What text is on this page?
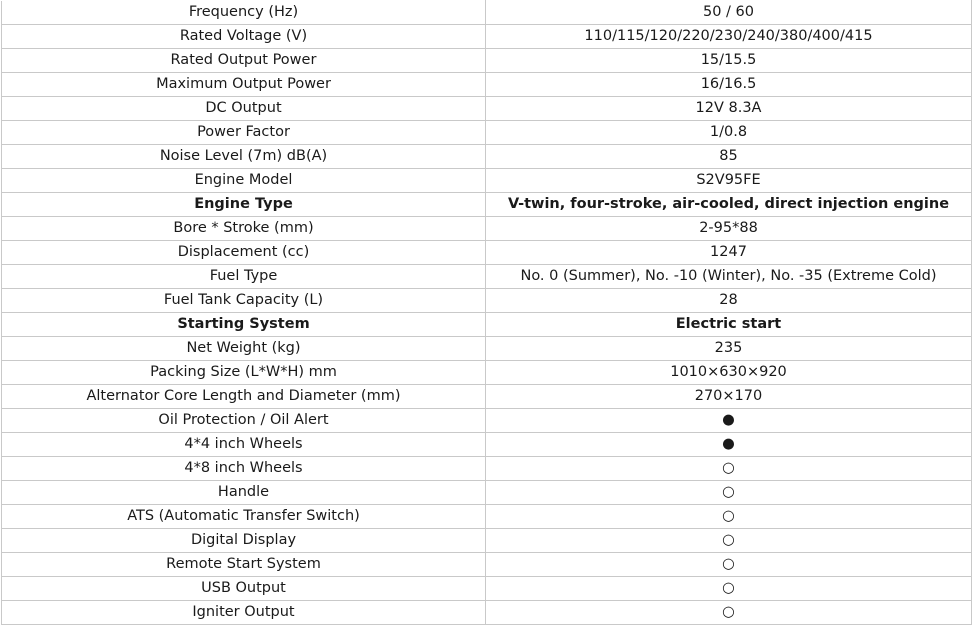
Frequency (Hz)	50 / 60
Rated Voltage (V)	110/115/120/220/230/240/380/400/415
Rated Output Power	15/15.5
Maximum Output Power	16/16.5
DC Output	12V 8.3A
Power Factor	1/0.8
Noise Level (7m) dB(A)	85
Engine Model	S2V95FE
Engine Type	V-twin, four-stroke, air-cooled, direct injection engine
Bore * Stroke (mm)	2-95*88
Displacement (cc)	1247
Fuel Type	No. 0 (Summer), No. -10 (Winter), No. -35 (Extreme Cold)
Fuel Tank Capacity (L)	28
Starting System	Electric start
Net Weight (kg)	235
Packing Size (L*W*H) mm	1010×630×920
Alternator Core Length and Diameter (mm)	270×170
Oil Protection / Oil Alert	●
4*4 inch Wheels	●
4*8 inch Wheels	○
Handle	○
ATS (Automatic Transfer Switch)	○
Digital Display	○
Remote Start System	○
USB Output	○
Igniter Output	○
